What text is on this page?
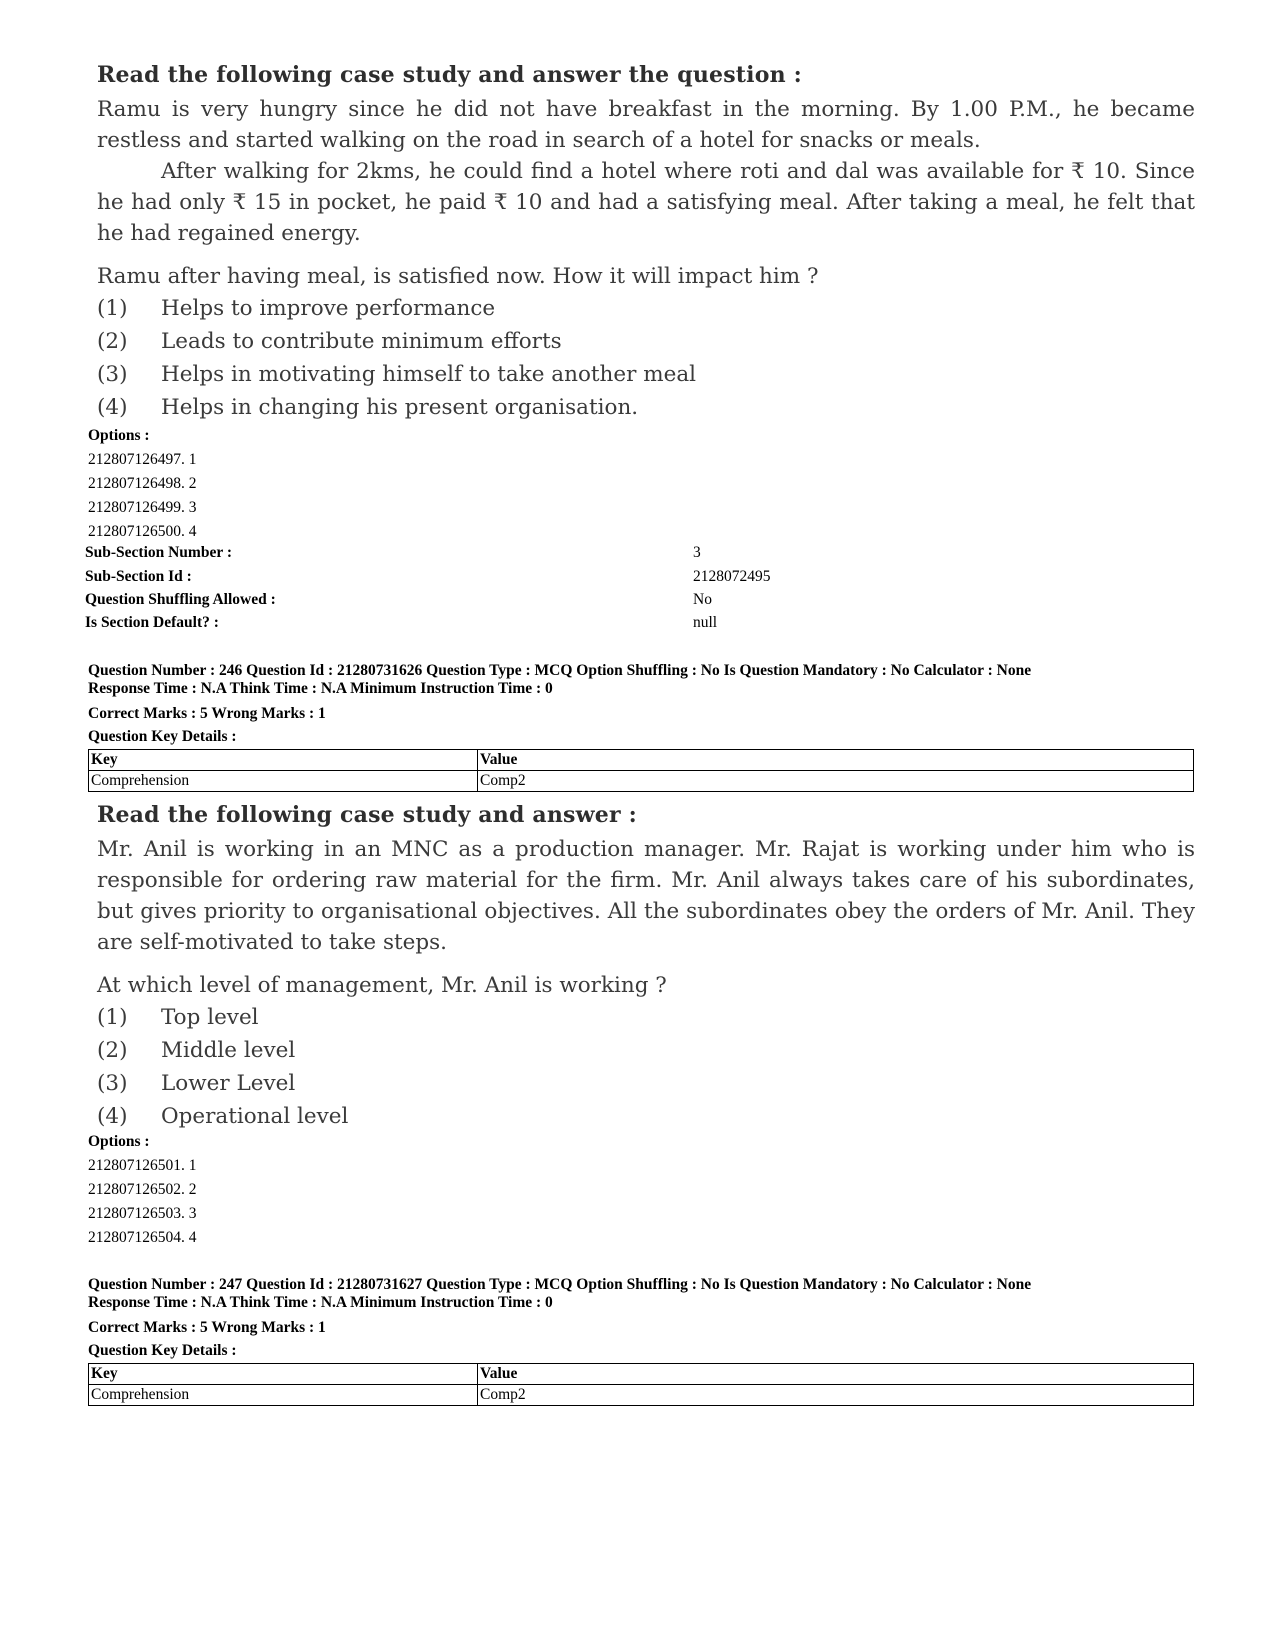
Read the following case study and answer the question :

Ramu is very hungry since he did not have breakfast in the morning. By 1.00 P.M., he became restless and started walking on the road in search of a hotel for snacks or meals.

After walking for 2kms, he could find a hotel where roti and dal was available for ₹ 10. Since he had only ₹ 15 in pocket, he paid ₹ 10 and had a satisfying meal. After taking a meal, he felt that he had regained energy.

Ramu after having meal, is satisfied now. How it will impact him ?
(1)	Helps to improve performance
(2)	Leads to contribute minimum efforts
(3)	Helps in motivating himself to take another meal
(4)	Helps in changing his present organisation.
Options :
212807126497. 1
212807126498. 2
212807126499. 3
212807126500. 4
Sub-Section Number :	3
Sub-Section Id :	2128072495
Question Shuffling Allowed :	No
Is Section Default? :	null
Question Number : 246 Question Id : 21280731626 Question Type : MCQ Option Shuffling : No Is Question Mandatory : No Calculator : None
Response Time : N.A Think Time : N.A Minimum Instruction Time : 0
Correct Marks : 5 Wrong Marks : 1
Question Key Details :
Key	Value
Comprehension	Comp2
Read the following case study and answer :

Mr. Anil is working in an MNC as a production manager. Mr. Rajat is working under him who is responsible for ordering raw material for the firm. Mr. Anil always takes care of his subordinates, but gives priority to organisational objectives. All the subordinates obey the orders of Mr. Anil. They are self-motivated to take steps.

At which level of management, Mr. Anil is working ?
(1)	Top level
(2)	Middle level
(3)	Lower Level
(4)	Operational level
Options :
212807126501. 1
212807126502. 2
212807126503. 3
212807126504. 4
Question Number : 247 Question Id : 21280731627 Question Type : MCQ Option Shuffling : No Is Question Mandatory : No Calculator : None
Response Time : N.A Think Time : N.A Minimum Instruction Time : 0
Correct Marks : 5 Wrong Marks : 1
Question Key Details :
Key	Value
Comprehension	Comp2
